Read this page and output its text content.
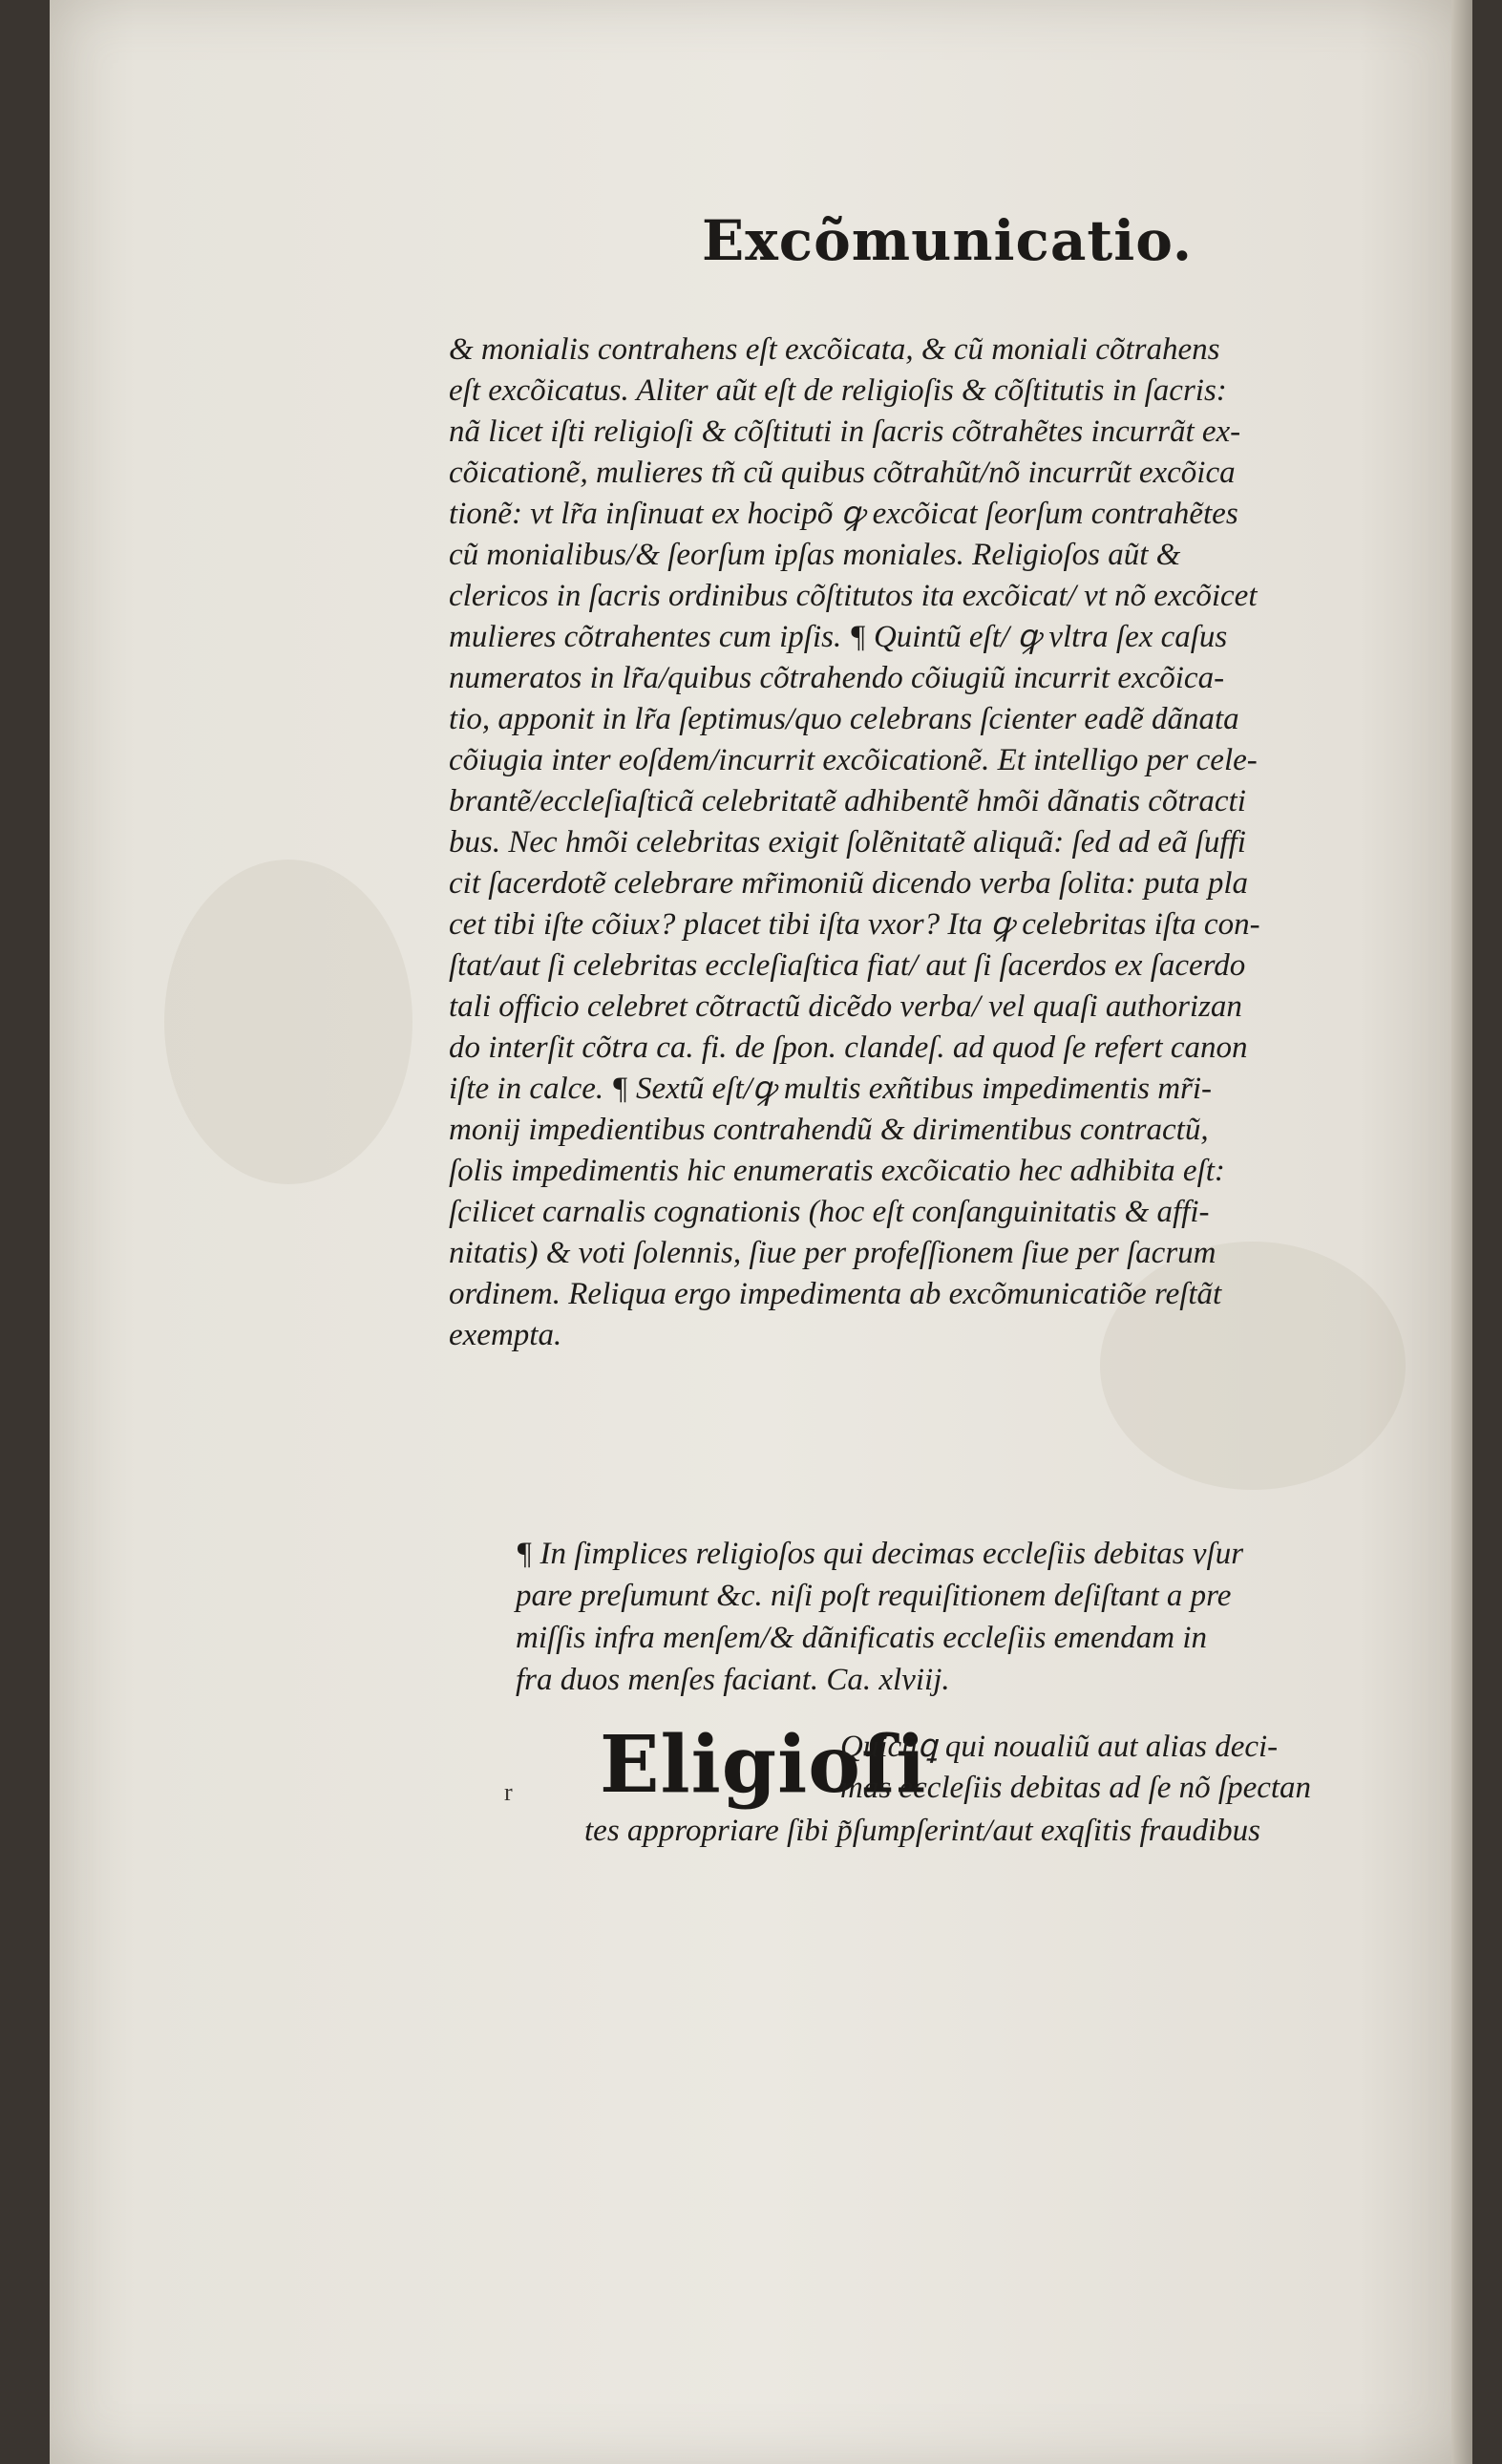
Excõmunicatio.
& monialis contrahens eſt excõicata, & cũ moniali cõtrahens
eſt excõicatus. Aliter aũt eſt de religioſis & cõſtitutis in ſacris:
nã licet iſti religioſi & cõſtituti in ſacris cõtrahẽtes incurrãt ex-
cõicationẽ, mulieres tñ cũ quibus cõtrahũt/nõ incurrũt excõica
tionẽ: vt lr̃a inſinuat ex hocipõ ꝙ excõicat ſeorſum contrahẽtes
cũ monialibus/& ſeorſum ipſas moniales. Religioſos aũt &
clericos in ſacris ordinibus cõſtitutos ita excõicat/ vt nõ excõicet
mulieres cõtrahentes cum ipſis. ¶ Quintũ eſt/ ꝙ vltra ſex caſus
numeratos in lr̃a/quibus cõtrahendo cõiugiũ incurrit excõica-
tio, apponit in lr̃a ſeptimus/quo celebrans ſcienter eadẽ dãnata
cõiugia inter eoſdem/incurrit excõicationẽ. Et intelligo per cele-
brantẽ/eccleſiaſticã celebritatẽ adhibentẽ hmõi dãnatis cõtracti
bus. Nec hmõi celebritas exigit ſolẽnitatẽ aliquã: ſed ad eã ſuffi
cit ſacerdotẽ celebrare mr̃imoniũ dicendo verba ſolita: puta pla
cet tibi iſte cõiux? placet tibi iſta vxor? Ita ꝙ celebritas iſta con-
ſtat/aut ſi celebritas eccleſiaſtica fiat/ aut ſi ſacerdos ex ſacerdo
tali officio celebret cõtractũ dicẽdo verba/ vel quaſi authorizan
do interſit cõtra ca. fi. de ſpon. clandeſ. ad quod ſe refert canon
iſte in calce. ¶ Sextũ eſt/ꝙ multis exñtibus impedimentis mr̃i-
monij impedientibus contrahendũ & dirimentibus contractũ,
ſolis impedimentis hic enumeratis excõicatio hec adhibita eſt:
ſcilicet carnalis cognationis (hoc eſt conſanguinitatis & affi-
nitatis) & voti ſolennis, ſiue per profeſſionem ſiue per ſacrum
ordinem. Reliqua ergo impedimenta ab excõmunicatiõe reſtãt
exempta.
¶ In ſimplices religioſos qui decimas eccleſiis debitas vſur
pare preſumunt &c. niſi poſt requiſitionem deſiſtant a pre
miſſis infra menſem/& dãnificatis eccleſiis emendam in
fra duos menſes faciant. Ca. xlviij.
r Eligioſi
Quicũꝗ qui noualiũ aut alias deci-
mas eccleſiis debitas ad ſe nõ ſpectan
tes appropriare ſibi p̃ſumpſerint/aut exqſitis fraudibus
